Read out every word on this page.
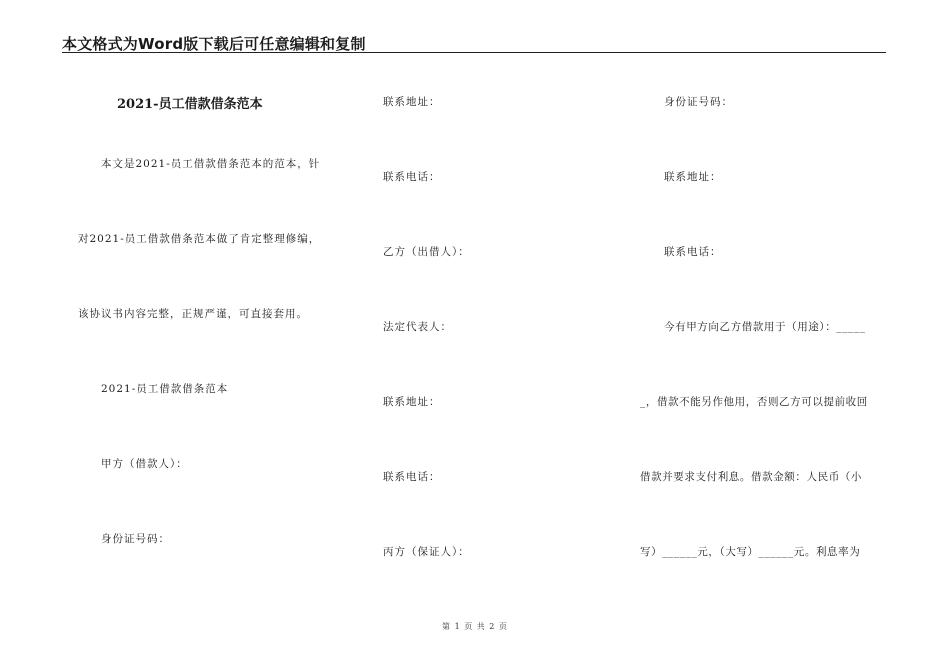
本文格式为Word版下载后可任意编辑和复制
2021-员工借款借条范本
本文是2021-员工借款借条范本的范本，针
对2021-员工借款借条范本做了肯定整理修编，
该协议书内容完整，正规严谨，可直接套用。
2021-员工借款借条范本
甲方（借款人）：
身份证号码：
联系地址：
联系电话：
乙方（出借人）：
法定代表人：
联系地址：
联系电话：
丙方（保证人）：
身份证号码：
联系地址：
联系电话：
今有甲方向乙方借款用于（用途）：_____
_，借款不能另作他用，否则乙方可以提前收回
借款并要求支付利息。借款金额：人民币（小
写）______元，（大写）______元。利息率为
第 1 页 共 2 页
